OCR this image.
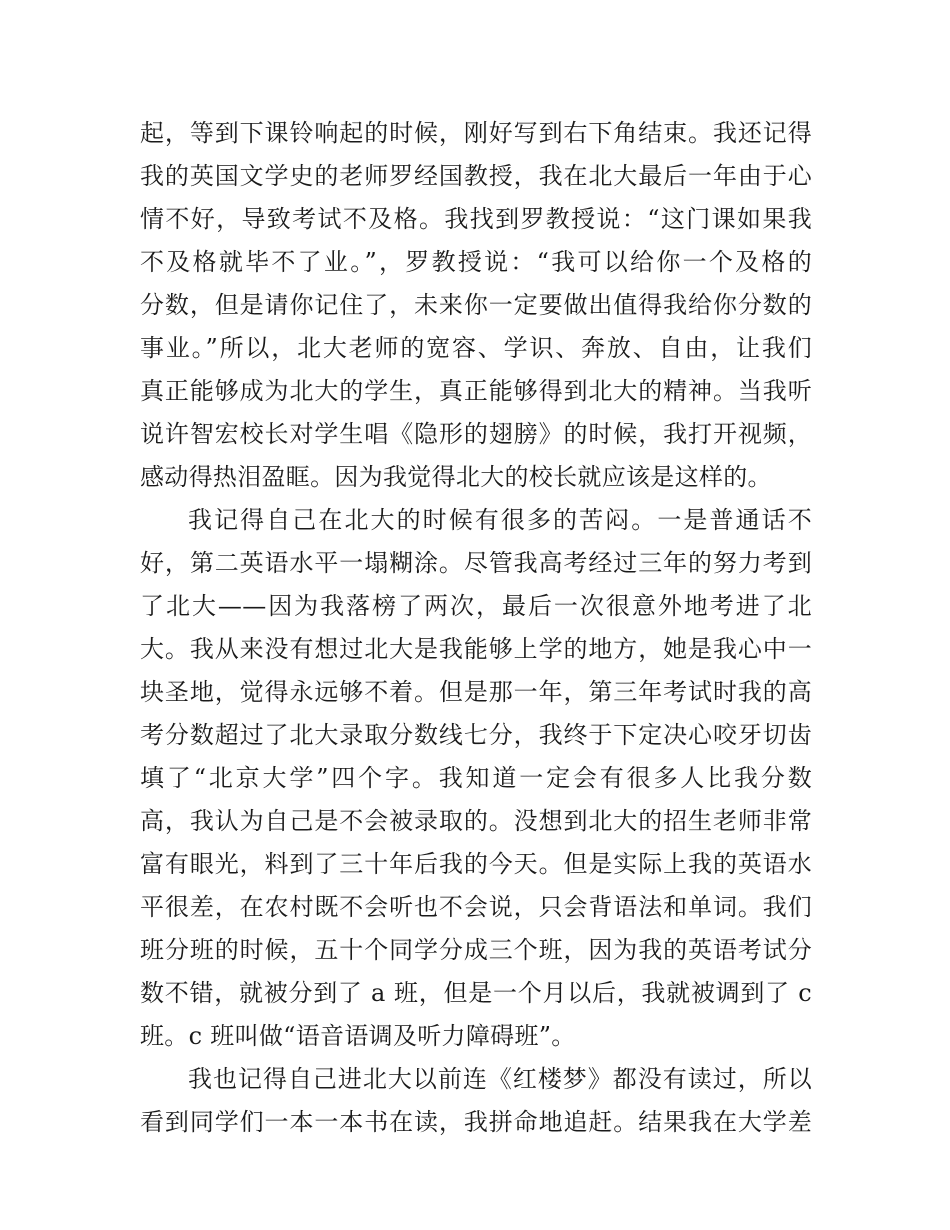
起，等到下课铃响起的时候，刚好写到右下角结束。我还记得
我的英国文学史的老师罗经国教授，我在北大最后一年由于心
情不好，导致考试不及格。我找到罗教授说：“这门课如果我
不及格就毕不了业。”，罗教授说：“我可以给你一个及格的
分数，但是请你记住了，未来你一定要做出值得我给你分数的
事业。”所以，北大老师的宽容、学识、奔放、自由，让我们
真正能够成为北大的学生，真正能够得到北大的精神。当我听
说许智宏校长对学生唱《隐形的翅膀》的时候，我打开视频，
感动得热泪盈眶。因为我觉得北大的校长就应该是这样的。
我记得自己在北大的时候有很多的苦闷。一是普通话不
好，第二英语水平一塌糊涂。尽管我高考经过三年的努力考到
了北大——因为我落榜了两次，最后一次很意外地考进了北
大。我从来没有想过北大是我能够上学的地方，她是我心中一
块圣地，觉得永远够不着。但是那一年，第三年考试时我的高
考分数超过了北大录取分数线七分，我终于下定决心咬牙切齿
填了“北京大学”四个字。我知道一定会有很多人比我分数
高，我认为自己是不会被录取的。没想到北大的招生老师非常
富有眼光，料到了三十年后我的今天。但是实际上我的英语水
平很差，在农村既不会听也不会说，只会背语法和单词。我们
班分班的时候，五十个同学分成三个班，因为我的英语考试分
数不错，就被分到了 a 班，但是一个月以后，我就被调到了 c
班。c 班叫做“语音语调及听力障碍班”。
我也记得自己进北大以前连《红楼梦》都没有读过，所以
看到同学们一本一本书在读，我拼命地追赶。结果我在大学差
